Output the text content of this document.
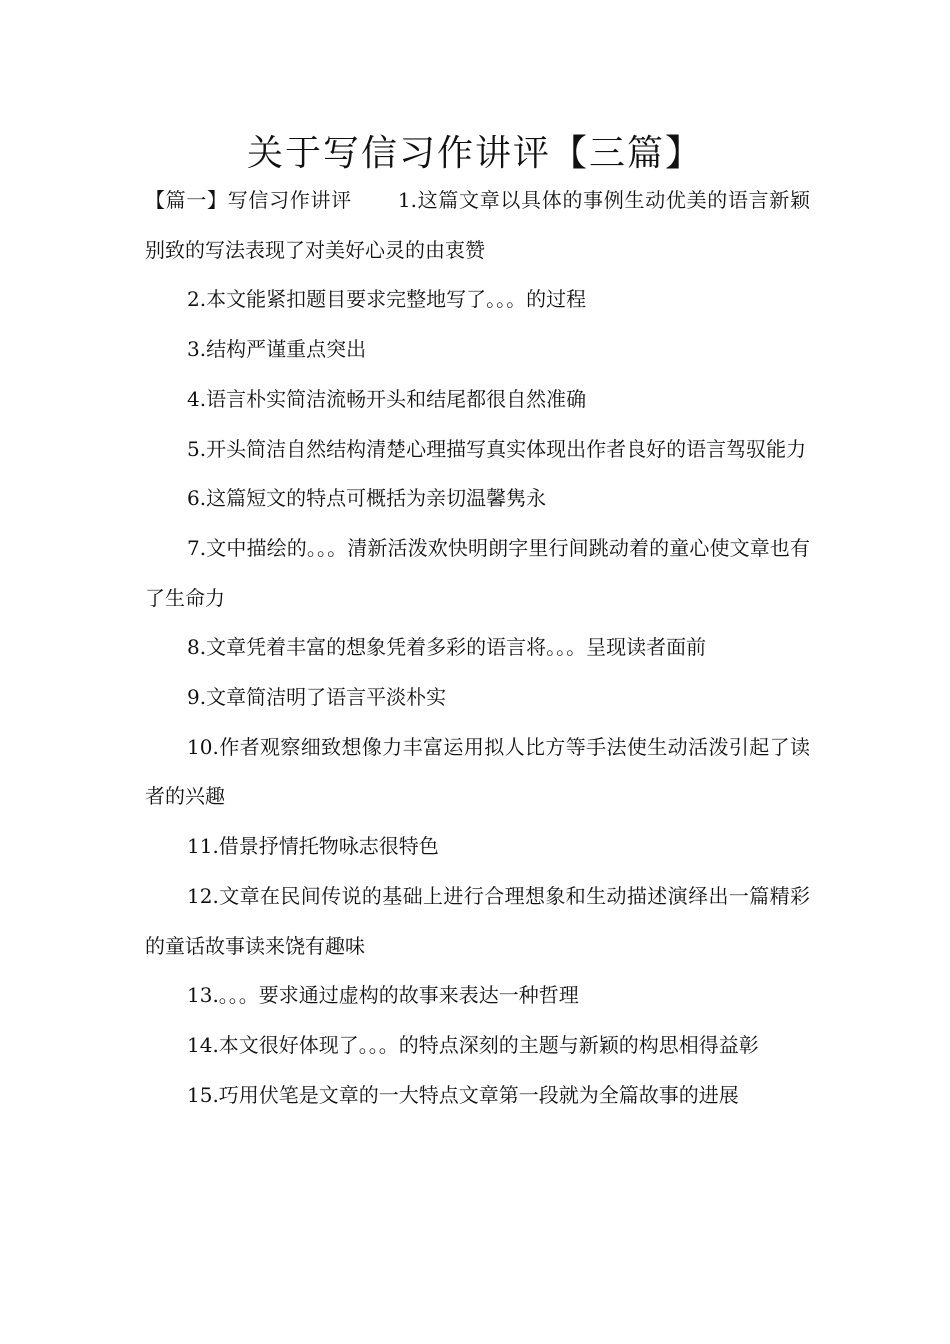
关于写信习作讲评【三篇】

【篇一】写信习作讲评 1.这篇文章以具体的事例生动优美的语言新颖别致的写法表现了对美好心灵的由衷赞

2.本文能紧扣题目要求完整地写了。。。的过程

3.结构严谨重点突出

4.语言朴实简洁流畅开头和结尾都很自然准确

5.开头简洁自然结构清楚心理描写真实体现出作者良好的语言驾驭能力

6.这篇短文的特点可概括为亲切温馨隽永

7.文中描绘的。。。清新活泼欢快明朗字里行间跳动着的童心使文章也有了生命力

8.文章凭着丰富的想象凭着多彩的语言将。。。呈现读者面前

9.文章简洁明了语言平淡朴实

10.作者观察细致想像力丰富运用拟人比方等手法使生动活泼引起了读者的兴趣

11.借景抒情托物咏志很特色

12.文章在民间传说的基础上进行合理想象和生动描述演绎出一篇精彩的童话故事读来饶有趣味

13.。。。要求通过虚构的故事来表达一种哲理

14.本文很好体现了。。。的特点深刻的主题与新颖的构思相得益彰

15.巧用伏笔是文章的一大特点文章第一段就为全篇故事的进展
